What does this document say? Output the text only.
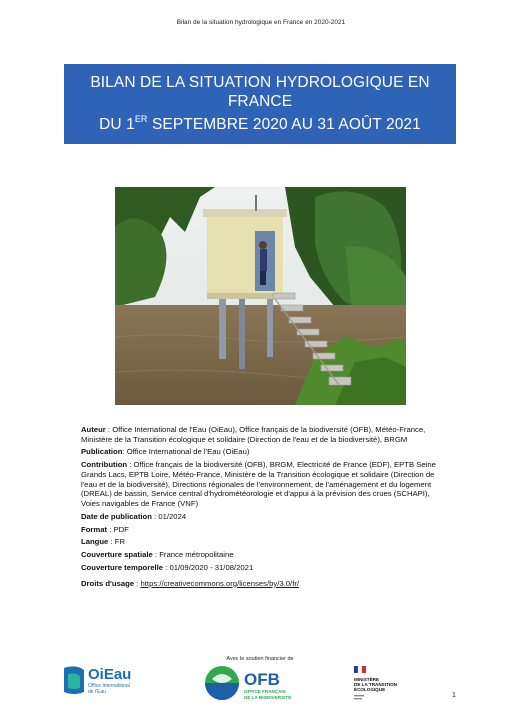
Bilan de la situation hydrologique en France en 2020-2021
BILAN DE LA SITUATION HYDROLOGIQUE EN FRANCE
DU 1ER SEPTEMBRE 2020 AU 31 AOÛT 2021

Auteur : Office International de l'Eau (OiEau), Office français de la biodiversité (OFB), Météo-France, Ministère de la Transition écologique et solidaire (Direction de l'eau et de la biodiversité), BRGM

Publication: Office International de l'Eau (OiEau)

Contribution : Office français de la biodiversité (OFB), BRGM, Electricité de France (EDF), EPTB Seine Grands Lacs, EPTB Loire, Météo-France, Ministère de la Transition écologique et solidaire (Direction de l'eau et de la biodiversité), Directions régionales de l'environnement, de l'aménagement et du logement (DREAL) de bassin, Service central d'hydrométéorologie et d'appui à la prévision des crues (SCHAPI), Voies navigables de France (VNF)

Date de publication : 01/2024

Format : PDF

Langue : FR

Couverture spatiale : France métropolitaine

Couverture temporelle : 01/09/2020 - 31/08/2021

Droits d'usage : https://creativecommons.org/licenses/by/3.0/fr/

Avec le soutien financier de
OiEau
Office International
de l'Eau
OFB
OFFICE FRANÇAIS
DE LA BIODIVERSITÉ
MINISTÈRE
DE LA TRANSITION
ÉCOLOGIQUE
1
